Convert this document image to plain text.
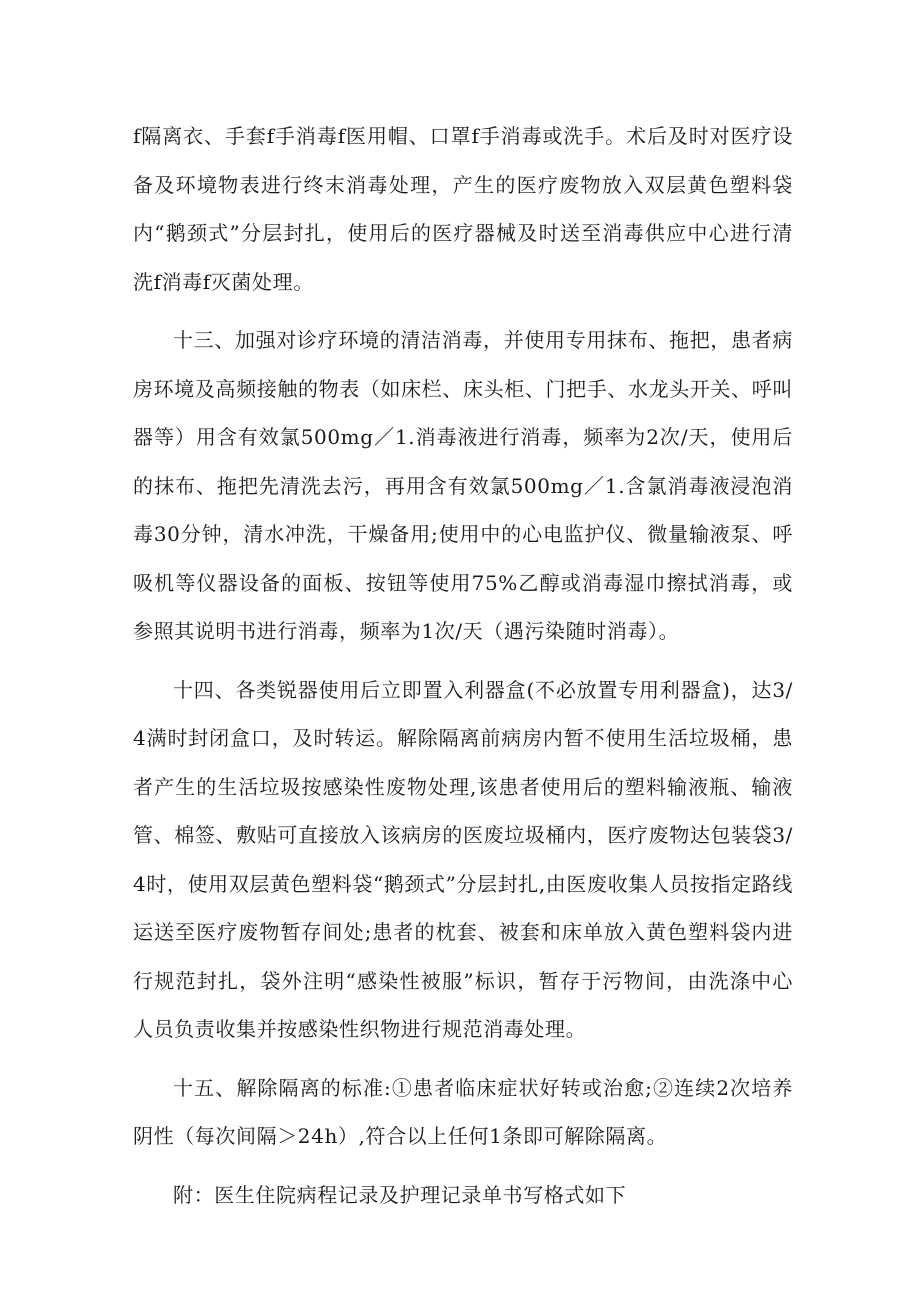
f隔离衣、手套f手消毒f医用帽、口罩f手消毒或洗手。术后及时对医疗设备及环境物表进行终末消毒处理，产生的医疗废物放入双层黄色塑料袋内“鹅颈式”分层封扎，使用后的医疗器械及时送至消毒供应中心进行清洗f消毒f灭菌处理。

十三、加强对诊疗环境的清洁消毒，并使用专用抹布、拖把，患者病房环境及高频接触的物表（如床栏、床头柜、门把手、水龙头开关、呼叫器等）用含有效氯500mg／1.消毒液进行消毒，频率为2次/天，使用后的抹布、拖把先清洗去污，再用含有效氯500mg／1.含氯消毒液浸泡消毒30分钟，清水冲洗，干燥备用;使用中的心电监护仪、微量输液泵、呼吸机等仪器设备的面板、按钮等使用75%乙醇或消毒湿巾擦拭消毒，或参照其说明书进行消毒，频率为1次/天（遇污染随时消毒）。

十四、各类锐器使用后立即置入利器盒(不必放置专用利器盒)，达3/4满时封闭盒口，及时转运。解除隔离前病房内暂不使用生活垃圾桶，患者产生的生活垃圾按感染性废物处理,该患者使用后的塑料输液瓶、输液管、棉签、敷贴可直接放入该病房的医废垃圾桶内，医疗废物达包装袋3/4时，使用双层黄色塑料袋“鹅颈式”分层封扎,由医废收集人员按指定路线运送至医疗废物暂存间处;患者的枕套、被套和床单放入黄色塑料袋内进行规范封扎，袋外注明“感染性被服”标识，暂存于污物间，由洗涤中心人员负责收集并按感染性织物进行规范消毒处理。

十五、解除隔离的标准:①患者临床症状好转或治愈;②连续2次培养阴性（每次间隔＞24h）,符合以上任何1条即可解除隔离。

附：医生住院病程记录及护理记录单书写格式如下
